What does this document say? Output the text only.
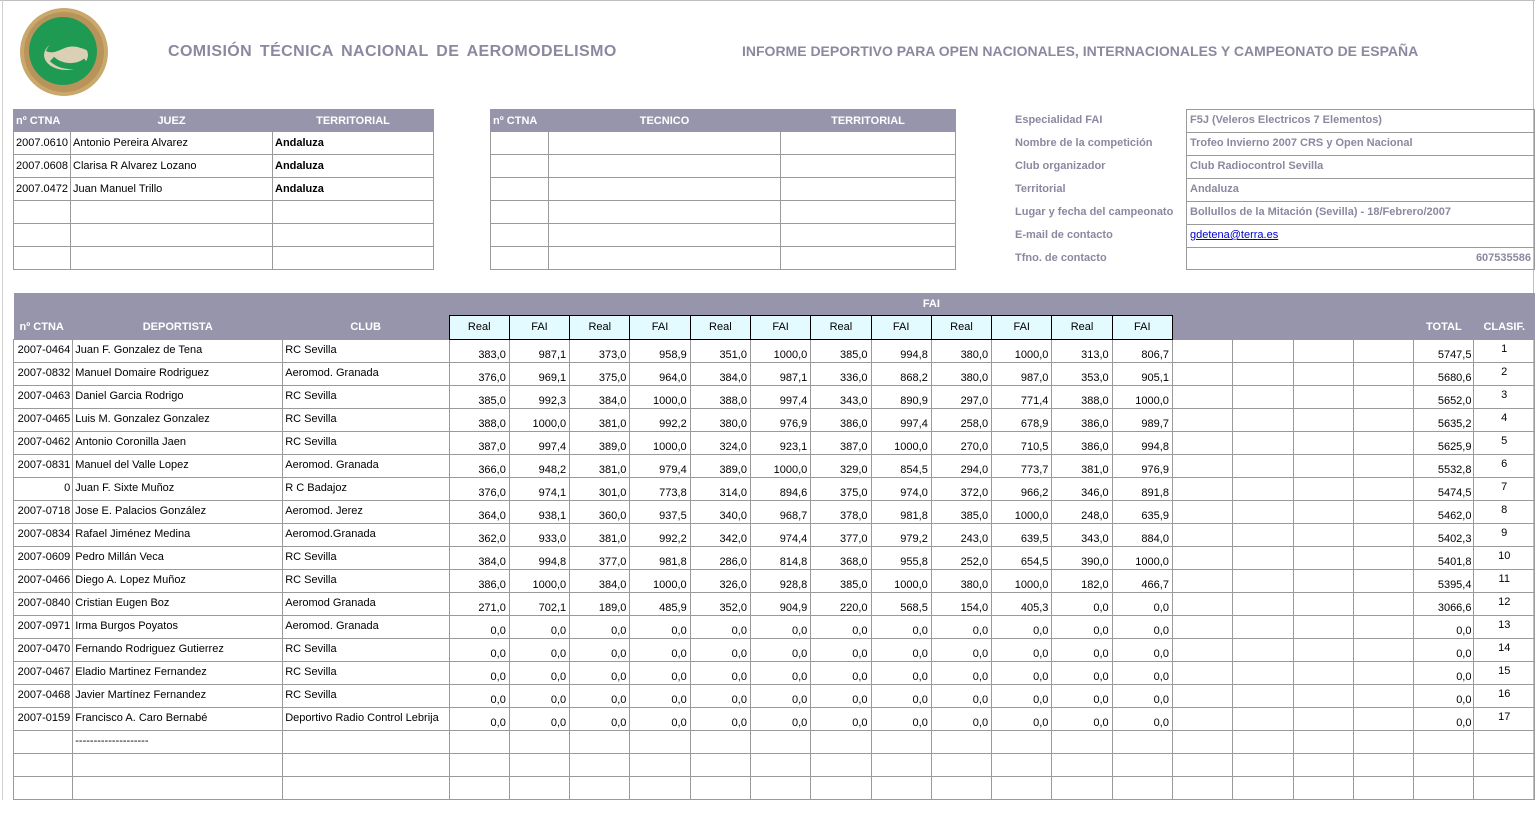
COMISIÓN TÉCNICA NACIONAL DE AEROMODELISMO	INFORME DEPORTIVO PARA OPEN NACIONALES, INTERNACIONALES Y CAMPEONATO DE ESPAÑA
nº CTNA	JUEZ	TERRITORIAL
2007.0610	Antonio Pereira Alvarez	Andaluza
2007.0608	Clarisa R Alvarez Lozano	Andaluza
2007.0472	Juan Manuel Trillo	Andaluza

nº CTNA	TECNICO	TERRITORIAL

			Especialidad FAI	F5J (Veleros Electricos 7 Elementos)
Nombre de la competición	Trofeo Invierno 2007 CRS y Open Nacional
Club organizador	Club Radiocontrol Sevilla
Territorial	Andaluza
Lugar y fecha del campeonato	Bollullos de la Mitación (Sevilla) - 18/Febrero/2007
E-mail de contacto	gdetena@terra.es
Tfno. de contacto	607535586
			FAI																	
nº CTNA	DEPORTISTA	CLUB	Real	FAI	Real	FAI	Real	FAI	Real	FAI	Real	FAI	Real	FAI					TOTAL	CLASIF.
2007-0464	Juan F. Gonzalez de Tena	RC Sevilla	383,0	987,1	373,0	958,9	351,0	1000,0	385,0	994,8	380,0	1000,0	313,0	806,7					5747,5	1
2007-0832	Manuel Domaire Rodriguez	Aeromod. Granada	376,0	969,1	375,0	964,0	384,0	987,1	336,0	868,2	380,0	987,0	353,0	905,1					5680,6	2
2007-0463	Daniel Garcia Rodrigo	RC Sevilla	385,0	992,3	384,0	1000,0	388,0	997,4	343,0	890,9	297,0	771,4	388,0	1000,0					5652,0	3
2007-0465	Luis M. Gonzalez Gonzalez	RC Sevilla	388,0	1000,0	381,0	992,2	380,0	976,9	386,0	997,4	258,0	678,9	386,0	989,7					5635,2	4
2007-0462	Antonio Coronilla Jaen	RC Sevilla	387,0	997,4	389,0	1000,0	324,0	923,1	387,0	1000,0	270,0	710,5	386,0	994,8					5625,9	5
2007-0831	Manuel del Valle Lopez	Aeromod. Granada	366,0	948,2	381,0	979,4	389,0	1000,0	329,0	854,5	294,0	773,7	381,0	976,9					5532,8	6
0	Juan F. Sixte Muñoz	R C Badajoz	376,0	974,1	301,0	773,8	314,0	894,6	375,0	974,0	372,0	966,2	346,0	891,8					5474,5	7
2007-0718	Jose E. Palacios González	Aeromod. Jerez	364,0	938,1	360,0	937,5	340,0	968,7	378,0	981,8	385,0	1000,0	248,0	635,9					5462,0	8
2007-0834	Rafael Jiménez Medina	Aeromod.Granada	362,0	933,0	381,0	992,2	342,0	974,4	377,0	979,2	243,0	639,5	343,0	884,0					5402,3	9
2007-0609	Pedro Millán Veca	RC Sevilla	384,0	994,8	377,0	981,8	286,0	814,8	368,0	955,8	252,0	654,5	390,0	1000,0					5401,8	10
2007-0466	Diego A. Lopez Muñoz	RC Sevilla	386,0	1000,0	384,0	1000,0	326,0	928,8	385,0	1000,0	380,0	1000,0	182,0	466,7					5395,4	11
2007-0840	Cristian Eugen Boz	Aeromod Granada	271,0	702,1	189,0	485,9	352,0	904,9	220,0	568,5	154,0	405,3	0,0	0,0					3066,6	12
2007-0971	Irma Burgos Poyatos	Aeromod. Granada	0,0	0,0	0,0	0,0	0,0	0,0	0,0	0,0	0,0	0,0	0,0	0,0					0,0	13
2007-0470	Fernando Rodriguez Gutierrez	RC Sevilla	0,0	0,0	0,0	0,0	0,0	0,0	0,0	0,0	0,0	0,0	0,0	0,0					0,0	14
2007-0467	Eladio Martinez Fernandez	RC Sevilla	0,0	0,0	0,0	0,0	0,0	0,0	0,0	0,0	0,0	0,0	0,0	0,0					0,0	15
2007-0468	Javier Martínez Fernandez	RC Sevilla	0,0	0,0	0,0	0,0	0,0	0,0	0,0	0,0	0,0	0,0	0,0	0,0					0,0	16
2007-0159	Francisco A. Caro Bernabé	Deportivo Radio Control Lebrija	0,0	0,0	0,0	0,0	0,0	0,0	0,0	0,0	0,0	0,0	0,0	0,0					0,0	17
	--------------------																			
